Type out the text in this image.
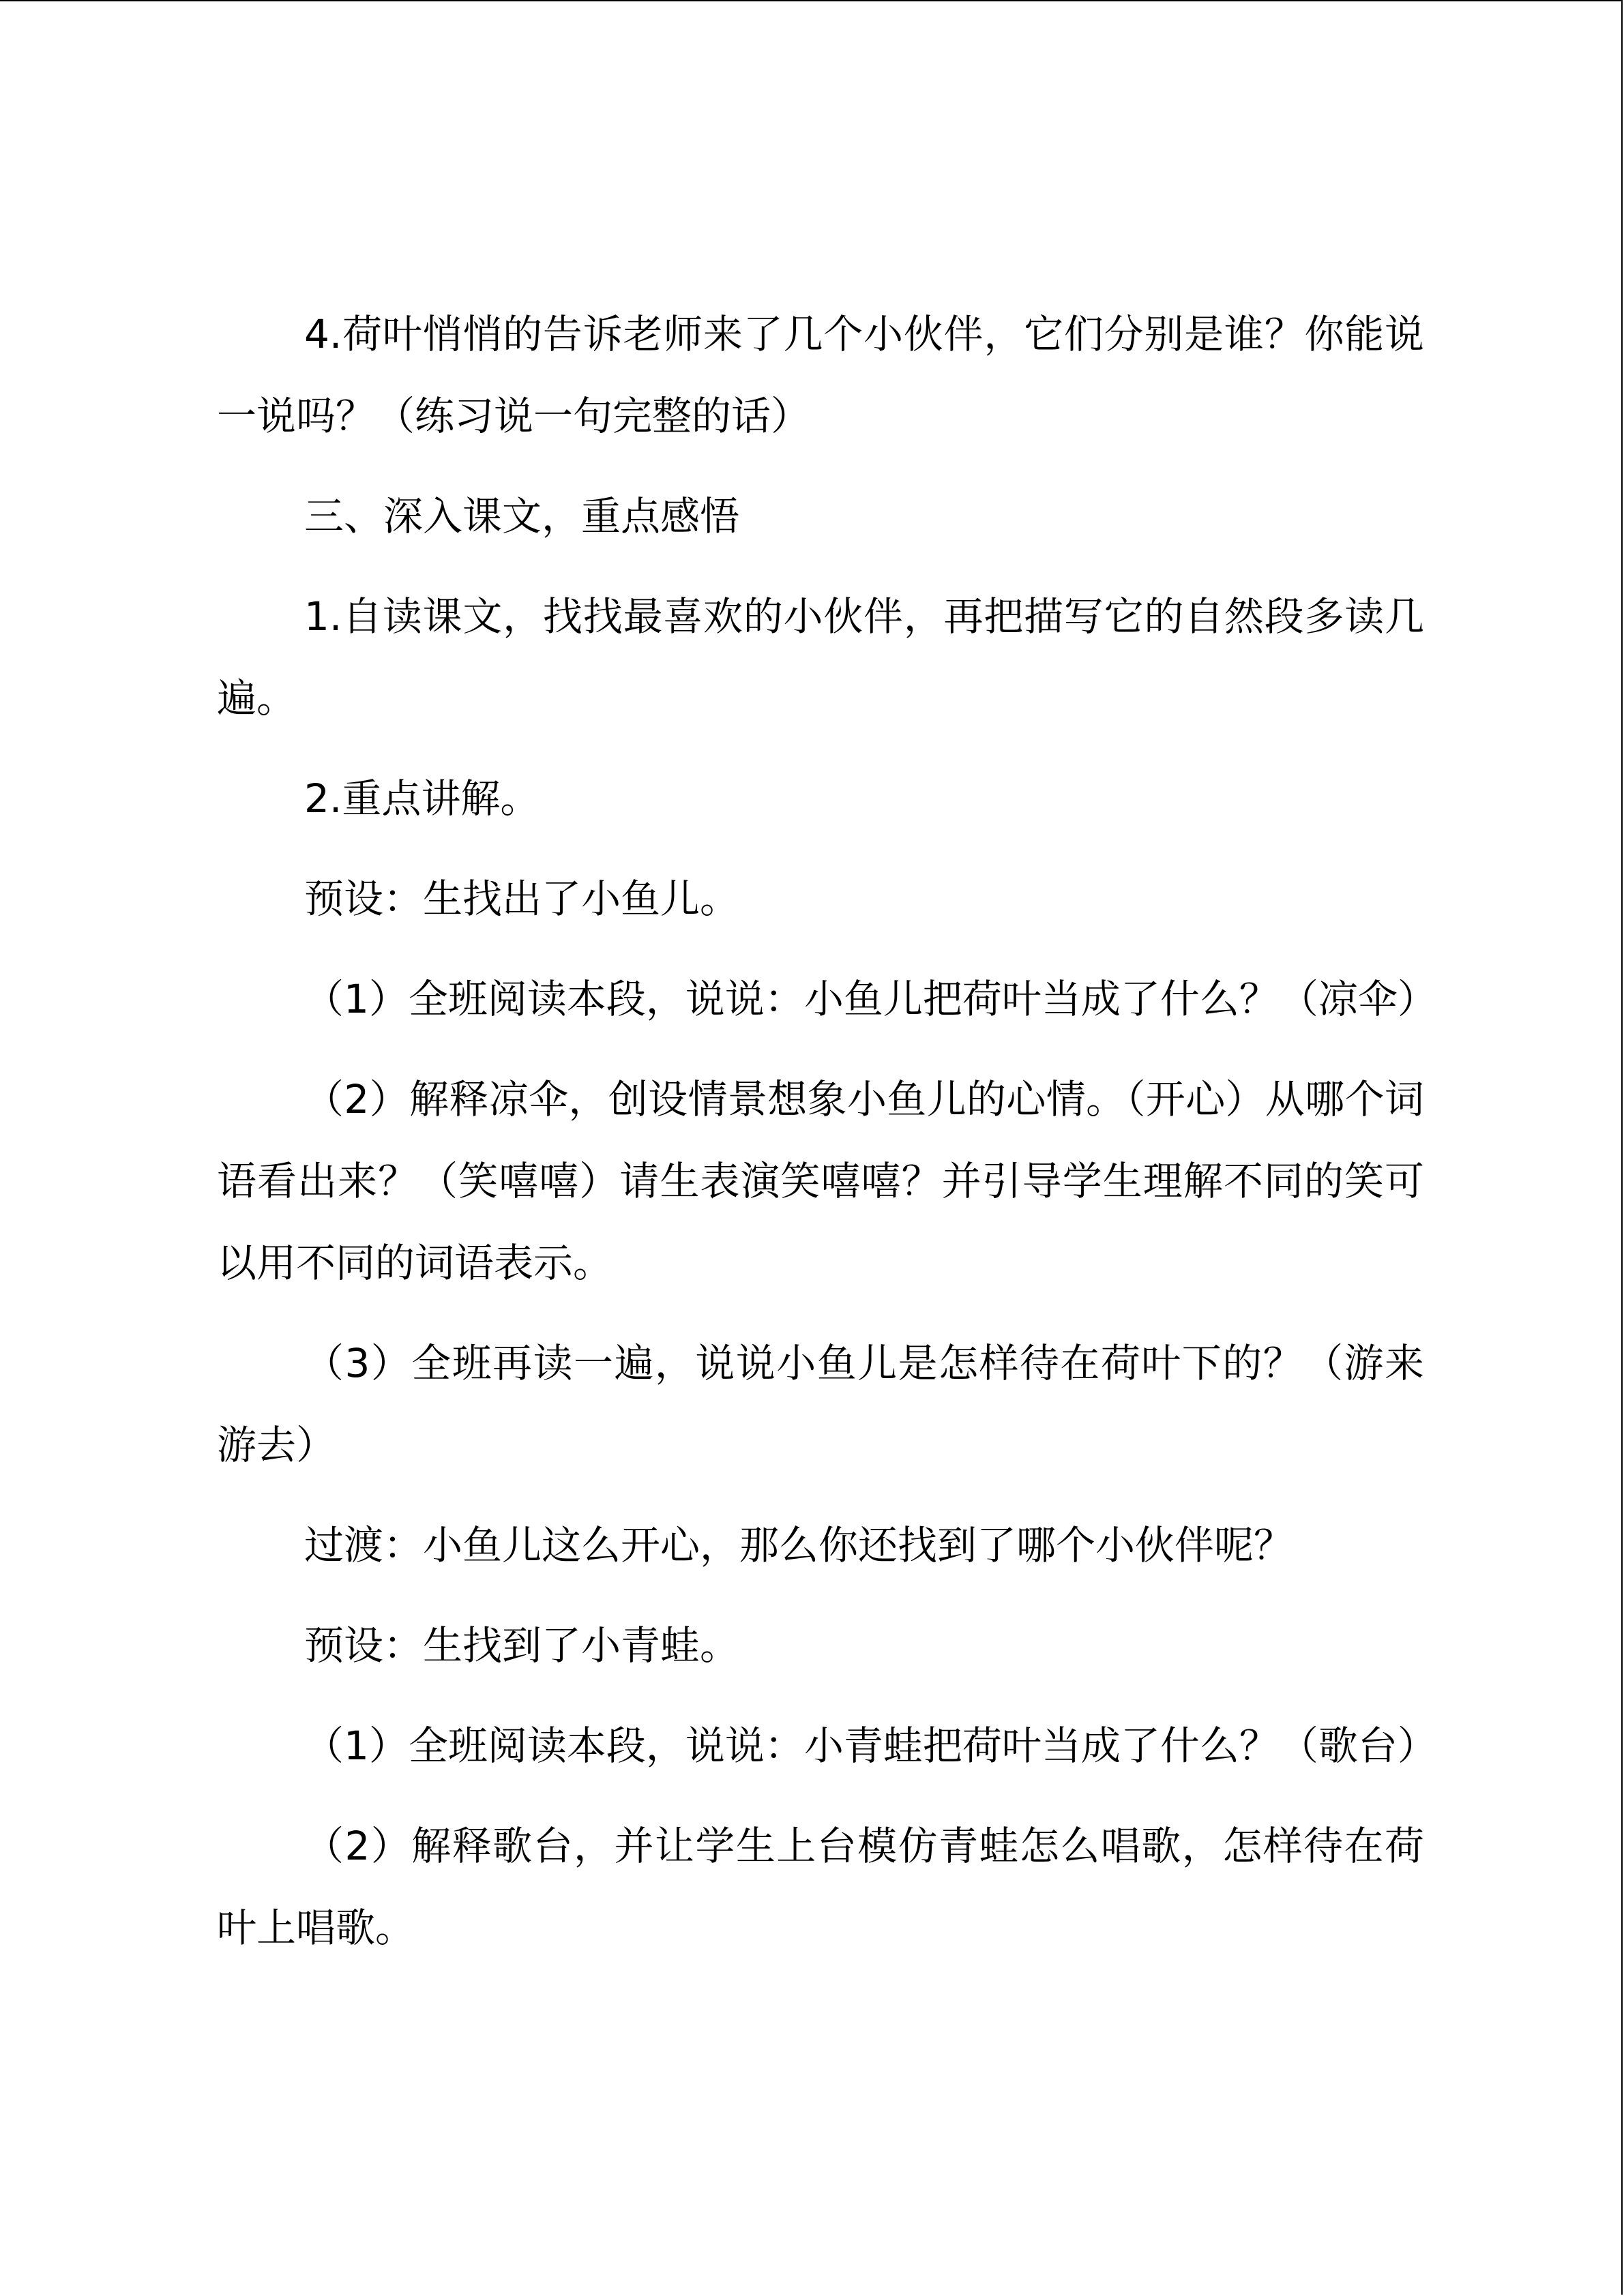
4.荷叶悄悄的告诉老师来了几个小伙伴，它们分别是谁？你能说一说吗？（练习说一句完整的话）

三、深入课文，重点感悟

1.自读课文，找找最喜欢的小伙伴，再把描写它的自然段多读几遍。

2.重点讲解。

预设：生找出了小鱼儿。

（1）全班阅读本段，说说：小鱼儿把荷叶当成了什么？（凉伞）

（2）解释凉伞，创设情景想象小鱼儿的心情。（开心）从哪个词语看出来？（笑嘻嘻）请生表演笑嘻嘻？并引导学生理解不同的笑可以用不同的词语表示。

（3）全班再读一遍，说说小鱼儿是怎样待在荷叶下的？（游来游去）

过渡：小鱼儿这么开心，那么你还找到了哪个小伙伴呢？

预设：生找到了小青蛙。

（1）全班阅读本段，说说：小青蛙把荷叶当成了什么？（歌台）

（2）解释歌台，并让学生上台模仿青蛙怎么唱歌，怎样待在荷叶上唱歌。
